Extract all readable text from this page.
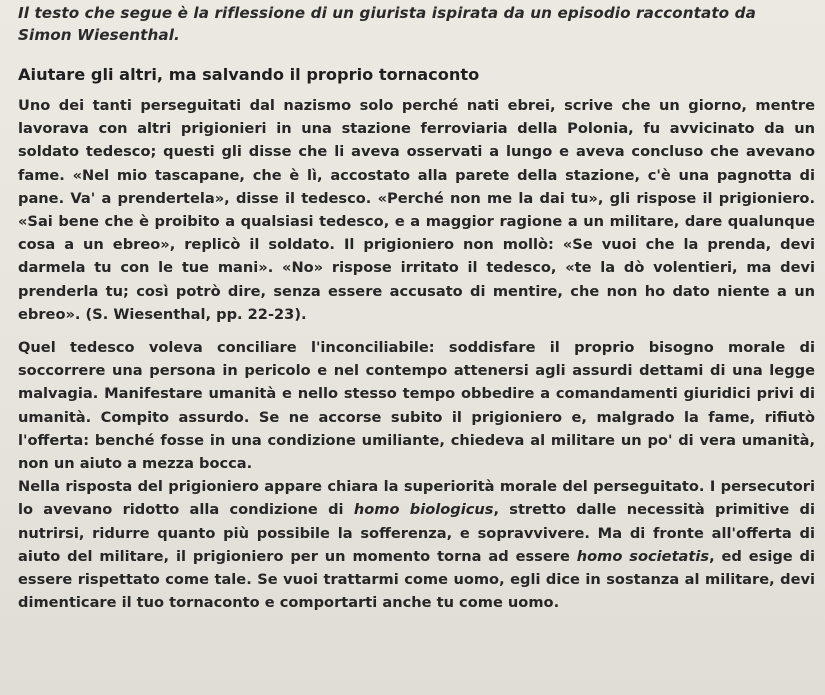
Il testo che segue è la riflessione di un giurista ispirata da un episodio raccontato da Simon Wiesenthal.

Aiutare gli altri, ma salvando il proprio tornaconto

Uno dei tanti perseguitati dal nazismo solo perché nati ebrei, scrive che un giorno, mentre lavorava con altri prigionieri in una stazione ferroviaria della Polonia, fu avvicinato da un soldato tedesco; questi gli disse che li aveva osservati a lungo e aveva concluso che avevano fame. «Nel mio tascapane, che è lì, accostato alla parete della stazione, c'è una pagnotta di pane. Va' a prendertela», disse il tedesco. «Perché non me la dai tu», gli rispose il prigioniero. «Sai bene che è proibito a qualsiasi tedesco, e a maggior ragione a un militare, dare qualunque cosa a un ebreo», replicò il soldato. Il prigioniero non mollò: «Se vuoi che la prenda, devi darmela tu con le tue mani». «No» rispose irritato il tedesco, «te la dò volentieri, ma devi prenderla tu; così potrò dire, senza essere accusato di mentire, che non ho dato niente a un ebreo». (S. Wiesenthal, pp. 22-23).

Quel tedesco voleva conciliare l'inconciliabile: soddisfare il proprio bisogno morale di soccorrere una persona in pericolo e nel contempo attenersi agli assurdi dettami di una legge malvagia. Manifestare umanità e nello stesso tempo obbedire a comandamenti giuridici privi di umanità. Compito assurdo. Se ne accorse subito il prigioniero e, malgrado la fame, rifiutò l'offerta: benché fosse in una condizione umiliante, chiedeva al militare un po' di vera umanità, non un aiuto a mezza bocca.

Nella risposta del prigioniero appare chiara la superiorità morale del perseguitato. I persecutori lo avevano ridotto alla condizione di homo biologicus, stretto dalle necessità primitive di nutrirsi, ridurre quanto più possibile la sofferenza, e sopravvivere. Ma di fronte all'offerta di aiuto del militare, il prigioniero per un momento torna ad essere homo societatis, ed esige di essere rispettato come tale. Se vuoi trattarmi come uomo, egli dice in sostanza al militare, devi dimenticare il tuo tornaconto e comportarti anche tu come uomo.
